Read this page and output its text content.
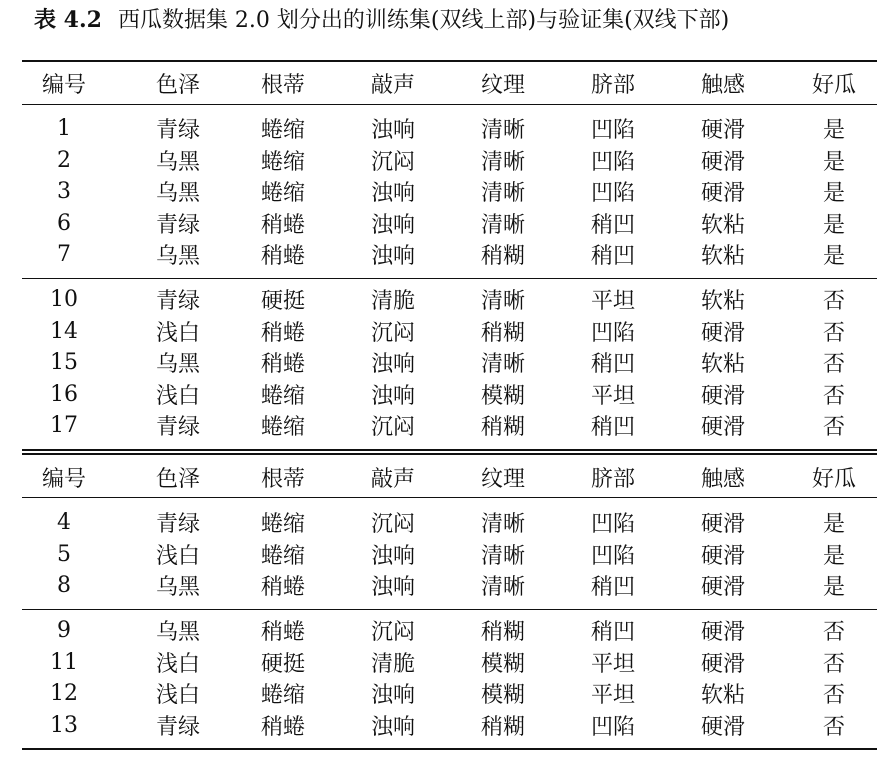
表 4.2 西瓜数据集 2.0 划分出的训练集(双线上部)与验证集(双线下部)
编号	色泽	根蒂	敲声	纹理	脐部	触感	好瓜
1	青绿	蜷缩	浊响	清晰	凹陷	硬滑	是
2	乌黑	蜷缩	沉闷	清晰	凹陷	硬滑	是
3	乌黑	蜷缩	浊响	清晰	凹陷	硬滑	是
6	青绿	稍蜷	浊响	清晰	稍凹	软粘	是
7	乌黑	稍蜷	浊响	稍糊	稍凹	软粘	是
10	青绿	硬挺	清脆	清晰	平坦	软粘	否
14	浅白	稍蜷	沉闷	稍糊	凹陷	硬滑	否
15	乌黑	稍蜷	浊响	清晰	稍凹	软粘	否
16	浅白	蜷缩	浊响	模糊	平坦	硬滑	否
17	青绿	蜷缩	沉闷	稍糊	稍凹	硬滑	否
编号	色泽	根蒂	敲声	纹理	脐部	触感	好瓜
4	青绿	蜷缩	沉闷	清晰	凹陷	硬滑	是
5	浅白	蜷缩	浊响	清晰	凹陷	硬滑	是
8	乌黑	稍蜷	浊响	清晰	稍凹	硬滑	是
9	乌黑	稍蜷	沉闷	稍糊	稍凹	硬滑	否
11	浅白	硬挺	清脆	模糊	平坦	硬滑	否
12	浅白	蜷缩	浊响	模糊	平坦	软粘	否
13	青绿	稍蜷	浊响	稍糊	凹陷	硬滑	否
